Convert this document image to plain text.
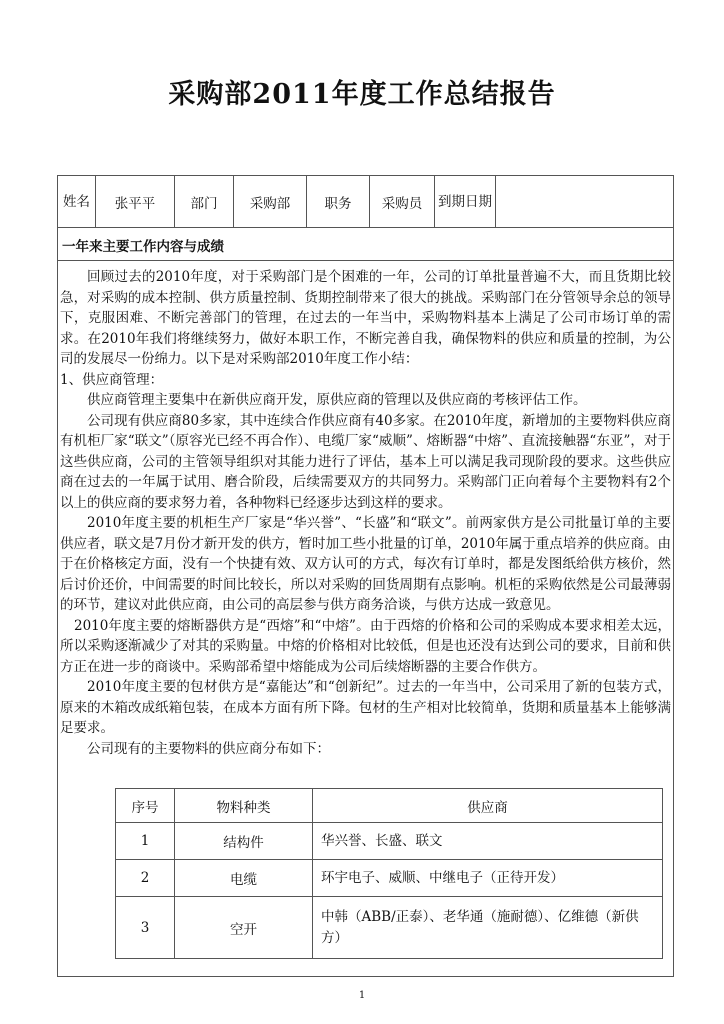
采购部2011年度工作总结报告
姓名	张平平	部门	采购部	职务	采购员	到期日期	
一年来主要工作内容与成绩

回顾过去的2010年度，对于采购部门是个困难的一年，公司的订单批量普遍不大，而且货期比较急，对采购的成本控制、供方质量控制、货期控制带来了很大的挑战。采购部门在分管领导余总的领导下，克服困难、不断完善部门的管理，在过去的一年当中，采购物料基本上满足了公司市场订单的需求。在2010年我们将继续努力，做好本职工作，不断完善自我，确保物料的供应和质量的控制，为公司的发展尽一份绵力。以下是对采购部2010年度工作小结：

1、供应商管理：

供应商管理主要集中在新供应商开发，原供应商的管理以及供应商的考核评估工作。

公司现有供应商80多家，其中连续合作供应商有40多家。在2010年度，新增加的主要物料供应商有机柜厂家“联文”（原容光已经不再合作）、电缆厂家“威顺”、熔断器“中熔”、直流接触器“东亚”，对于这些供应商，公司的主管领导组织对其能力进行了评估，基本上可以满足我司现阶段的要求。这些供应商在过去的一年属于试用、磨合阶段，后续需要双方的共同努力。采购部门正向着每个主要物料有2个以上的供应商的要求努力着，各种物料已经逐步达到这样的要求。

2010年度主要的机柜生产厂家是“华兴誉”、“长盛”和“联文”。前两家供方是公司批量订单的主要供应者，联文是7月份才新开发的供方，暂时加工些小批量的订单，2010年属于重点培养的供应商。由于在价格核定方面，没有一个快捷有效、双方认可的方式，每次有订单时，都是发图纸给供方核价，然后讨价还价，中间需要的时间比较长，所以对采购的回货周期有点影响。机柜的采购依然是公司最薄弱的环节，建议对此供应商，由公司的高层参与供方商务洽谈，与供方达成一致意见。

2010年度主要的熔断器供方是“西熔”和“中熔”。由于西熔的价格和公司的采购成本要求相差太远，所以采购逐渐减少了对其的采购量。中熔的价格相对比较低，但是也还没有达到公司的要求，目前和供方正在进一步的商谈中。采购部希望中熔能成为公司后续熔断器的主要合作供方。

2010年度主要的包材供方是“嘉能达”和“创新纪”。过去的一年当中，公司采用了新的包装方式，原来的木箱改成纸箱包装，在成本方面有所下降。包材的生产相对比较简单，货期和质量基本上能够满足要求。

公司现有的主要物料的供应商分布如下：

序号	物料种类	供应商
1	结构件	华兴誉、长盛、联文
2	电缆	环宇电子、威顺、中继电子（正待开发）
3	空开	中韩（ABB/正泰）、老华通（施耐德）、亿维德（新供方）
1
